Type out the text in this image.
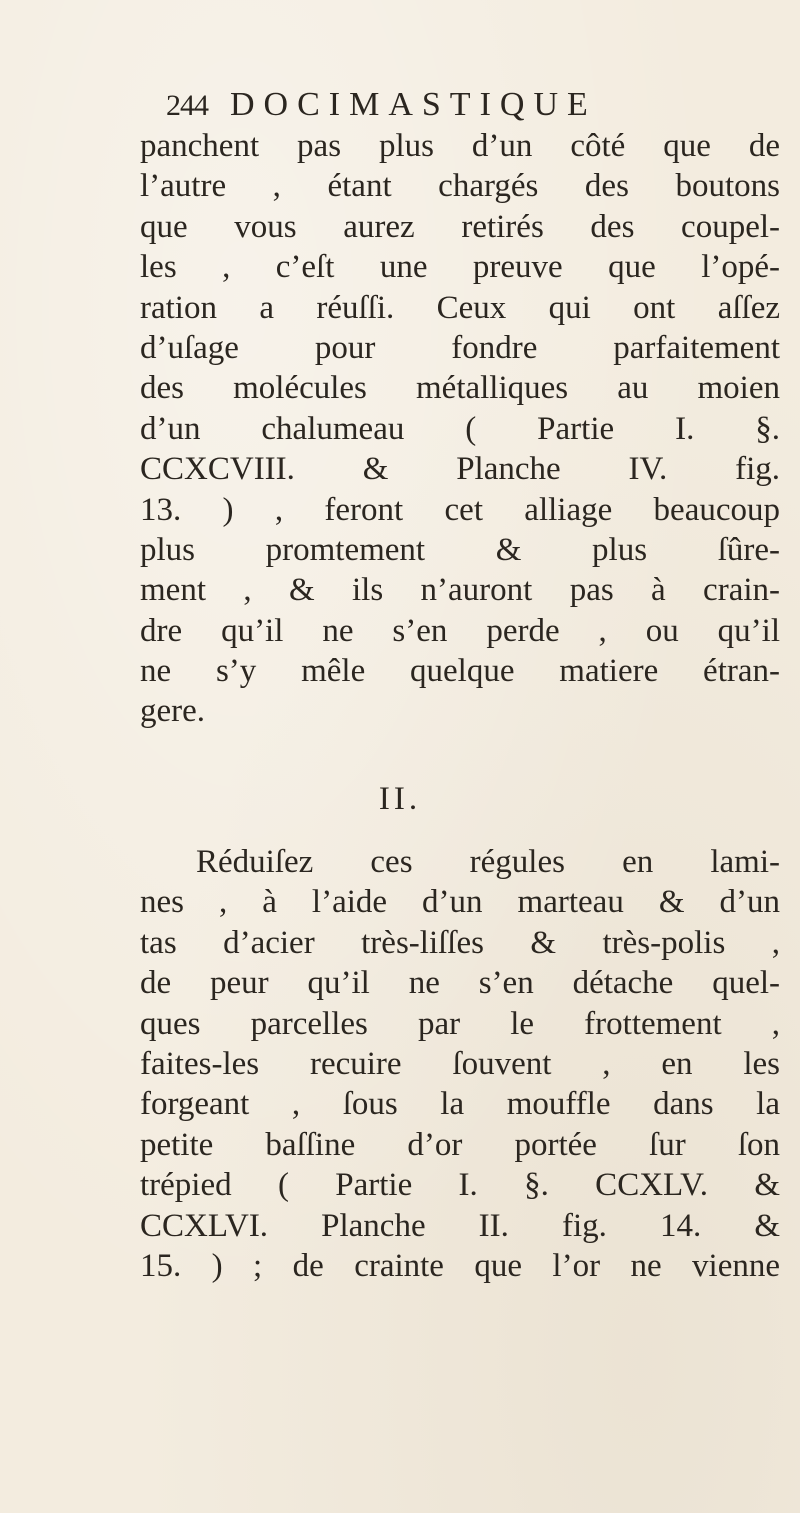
244 DOCIMASTIQUE
panchent pas plus d’un côté que de
l’autre , étant chargés des boutons
que vous aurez retirés des coupel-
les , c’eſt une preuve que l’opé-
ration a réuſſi. Ceux qui ont aſſez
d’uſage pour fondre parfaitement
des molécules métalliques au moien
d’un chalumeau ( Partie I. §.
CCXCVIII. & Planche IV. fig.
13. ) , feront cet alliage beaucoup
plus promtement & plus ſûre-
ment , & ils n’auront pas à crain-
dre qu’il ne s’en perde , ou qu’il
ne s’y mêle quelque matiere étran-
gere.
II.
Réduiſez ces régules en lami-
nes , à l’aide d’un marteau & d’un
tas d’acier très-liſſes & très-polis ,
de peur qu’il ne s’en détache quel-
ques parcelles par le frottement ,
faites-les recuire ſouvent , en les
forgeant , ſous la mouffle dans la
petite baſſine d’or portée ſur ſon
trépied ( Partie I. §. CCXLV. &
CCXLVI. Planche II. fig. 14. &
15. ) ; de crainte que l’or ne vienne
